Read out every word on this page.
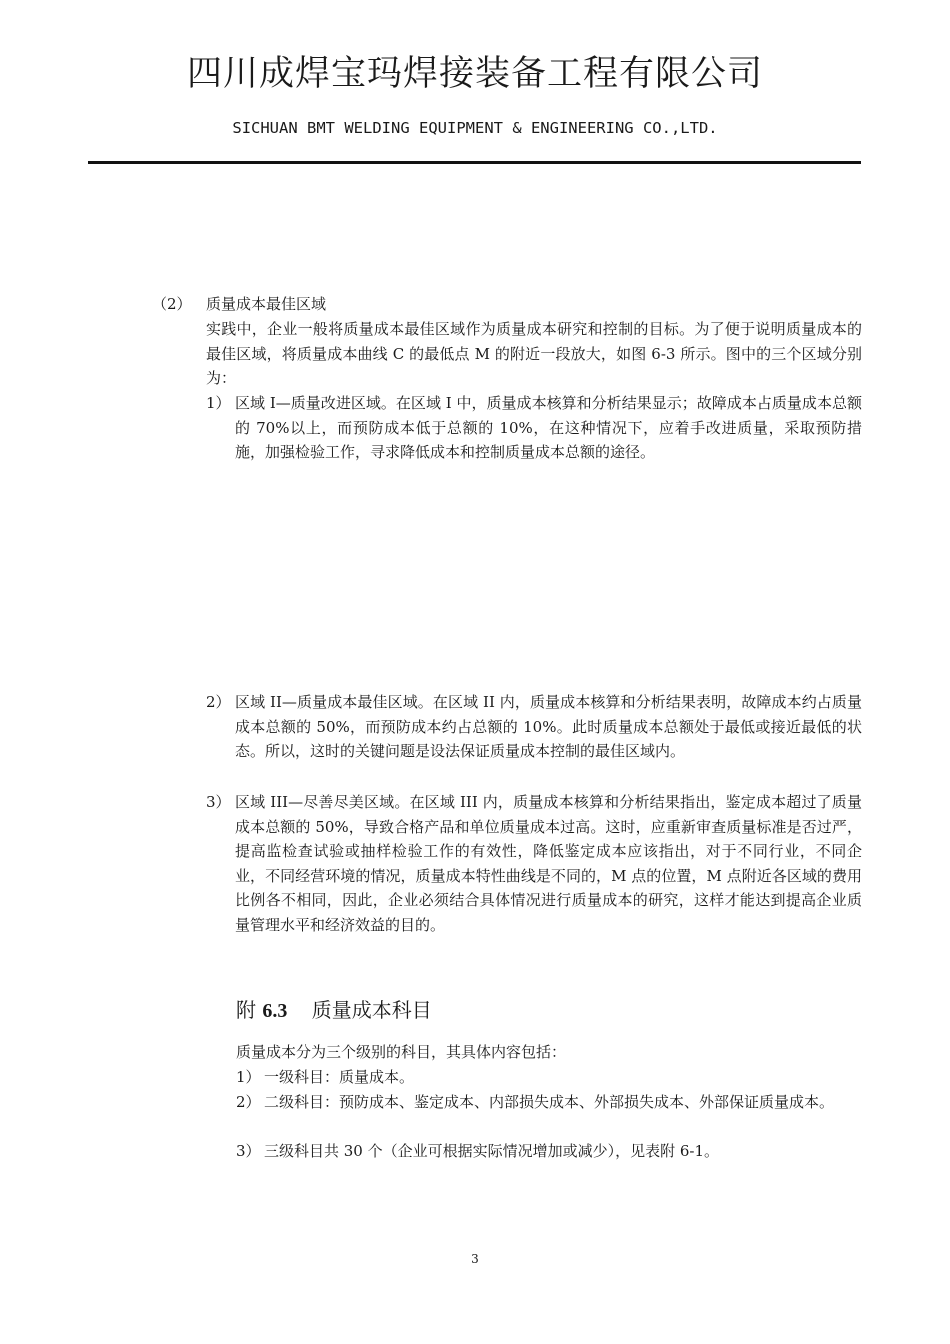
四川成焊宝玛焊接装备工程有限公司
SICHUAN BMT WELDING EQUIPMENT & ENGINEERING CO.,LTD.
（2） 质量成本最佳区域
实践中，企业一般将质量成本最佳区域作为质量成本研究和控制的目标。为了便于说明质量成本的最佳区域，将质量成本曲线 C 的最低点 M 的附近一段放大，如图 6-3 所示。图中的三个区域分别为：
1） 区域 I—质量改进区域。在区域 I 中，质量成本核算和分析结果显示；故障成本占质量成本总额的 70%以上，而预防成本低于总额的 10%，在这种情况下，应着手改进质量，采取预防措施，加强检验工作，寻求降低成本和控制质量成本总额的途径。
2） 区域 II—质量成本最佳区域。在区域 II 内，质量成本核算和分析结果表明，故障成本约占质量成本总额的 50%，而预防成本约占总额的 10%。此时质量成本总额处于最低或接近最低的状态。所以，这时的关键问题是设法保证质量成本控制的最佳区域内。
3） 区域 III—尽善尽美区域。在区域 III 内，质量成本核算和分析结果指出，鉴定成本超过了质量成本总额的 50%，导致合格产品和单位质量成本过高。这时，应重新审查质量标准是否过严，提高监检查试验或抽样检验工作的有效性，降低鉴定成本应该指出，对于不同行业，不同企业，不同经营环境的情况，质量成本特性曲线是不同的，M 点的位置，M 点附近各区域的费用比例各不相同，因此，企业必须结合具体情况进行质量成本的研究，这样才能达到提高企业质量管理水平和经济效益的目的。
附 6.3 质量成本科目
质量成本分为三个级别的科目，其具体内容包括：
1） 一级科目：质量成本。
2） 二级科目：预防成本、鉴定成本、内部损失成本、外部损失成本、外部保证质量成本。
3） 三级科目共 30 个（企业可根据实际情况增加或减少），见表附 6-1。
3
